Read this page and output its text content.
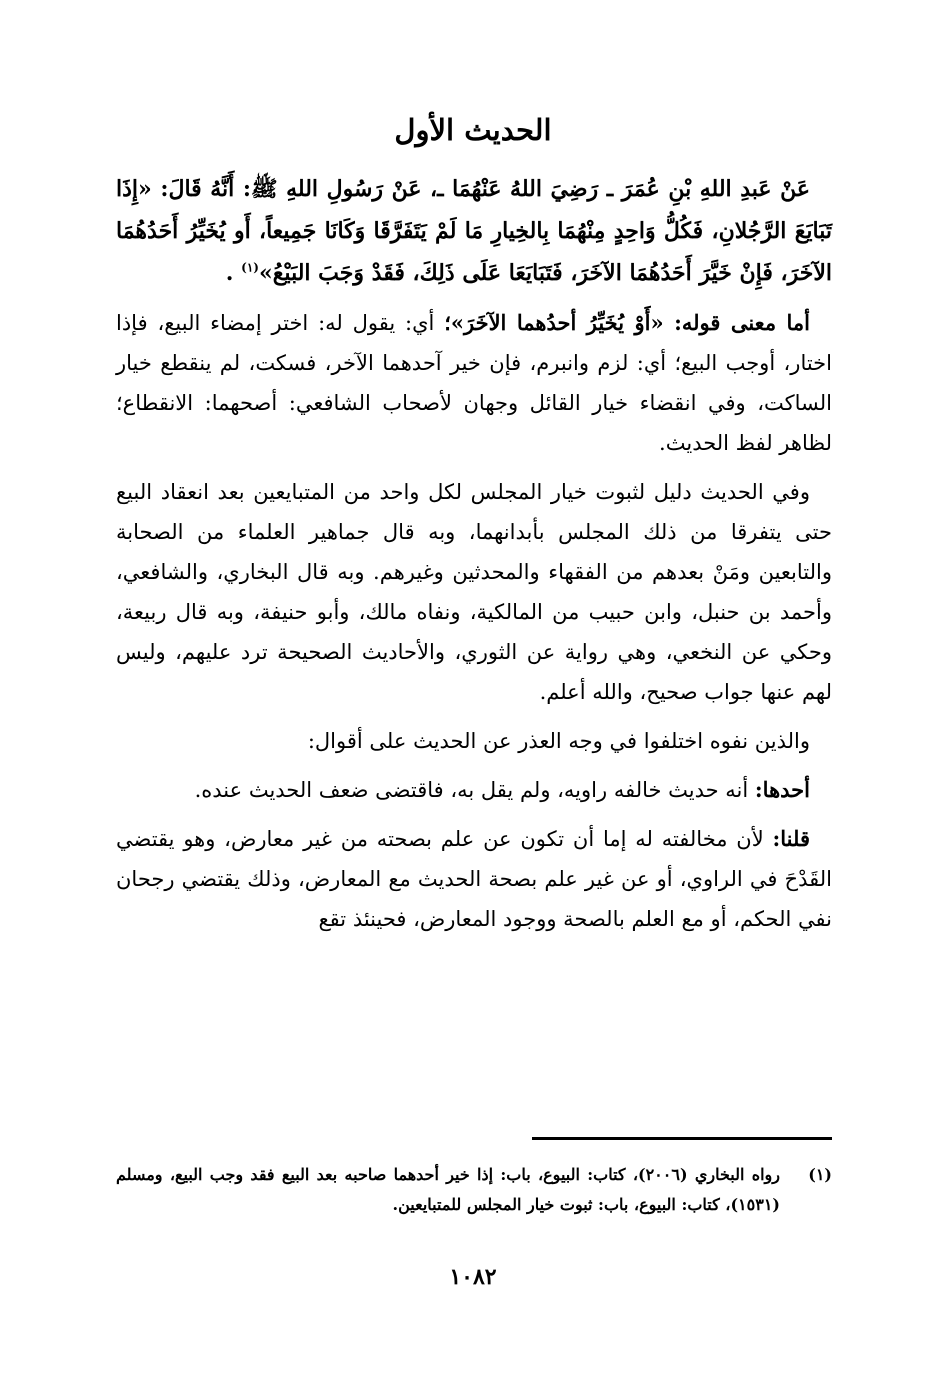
الحديث الأول

عَنْ عَبدِ اللهِ بْنِ عُمَرَ ـ رَضِيَ اللهُ عَنْهُمَا ـ، عَنْ رَسُولِ اللهِ ﷺ: أَنَّهُ قَالَ: «إِذَا تَبَايَعَ الرَّجُلانِ، فَكُلُّ وَاحِدٍ مِنْهُمَا بِالخِيارِ مَا لَمْ يَتَفَرَّقَا وَكَانَا جَمِيعاً، أَو يُخَيِّرُ أَحَدُهُمَا الآخَرَ، فَإِنْ خَيَّرَ أَحَدُهُمَا الآخَرَ، فَتَبَايَعَا عَلَى ذَلِكَ، فَقَدْ وَجَبَ البَيْعُ»$^{(١)}$ .

أما معنى قوله: «أَوْ يُخَيِّرُ أحدُهما الآخَرَ»؛ أي: يقول له: اختر إمضاء البيع، فإذا اختار، أوجب البيع؛ أي: لزم وانبرم، فإن خير آحدهما الآخر، فسكت، لم ينقطع خيار الساكت، وفي انقضاء خيار القائل وجهان لأصحاب الشافعي: أصحهما: الانقطاع؛ لظاهر لفظ الحديث.

وفي الحديث دليل لثبوت خيار المجلس لكل واحد من المتبايعين بعد انعقاد البيع حتى يتفرقا من ذلك المجلس بأبدانهما، وبه قال جماهير العلماء من الصحابة والتابعين ومَنْ بعدهم من الفقهاء والمحدثين وغيرهم. وبه قال البخاري، والشافعي، وأحمد بن حنبل، وابن حبيب من المالكية، ونفاه مالك، وأبو حنيفة، وبه قال ربيعة، وحكي عن النخعي، وهي رواية عن الثوري، والأحاديث الصحيحة ترد عليهم، وليس لهم عنها جواب صحيح، والله أعلم.

والذين نفوه اختلفوا في وجه العذر عن الحديث على أقوال:

أحدها: أنه حديث خالفه راويه، ولم يقل به، فاقتضى ضعف الحديث عنده.

قلنا: لأن مخالفته له إما أن تكون عن علم بصحته من غير معارض، وهو يقتضي القَدْحَ في الراوي، أو عن غير علم بصحة الحديث مع المعارض، وذلك يقتضي رجحان نفي الحكم، أو مع العلم بالصحة ووجود المعارض، فحينئذ تقع

(١)
رواه البخاري (٢٠٠٦)، كتاب: البيوع، باب: إذا خير أحدهما صاحبه بعد البيع فقد وجب البيع، ومسلم (١٥٣١)، كتاب: البيوع، باب: ثبوت خيار المجلس للمتبايعين.
١٠٨٢
